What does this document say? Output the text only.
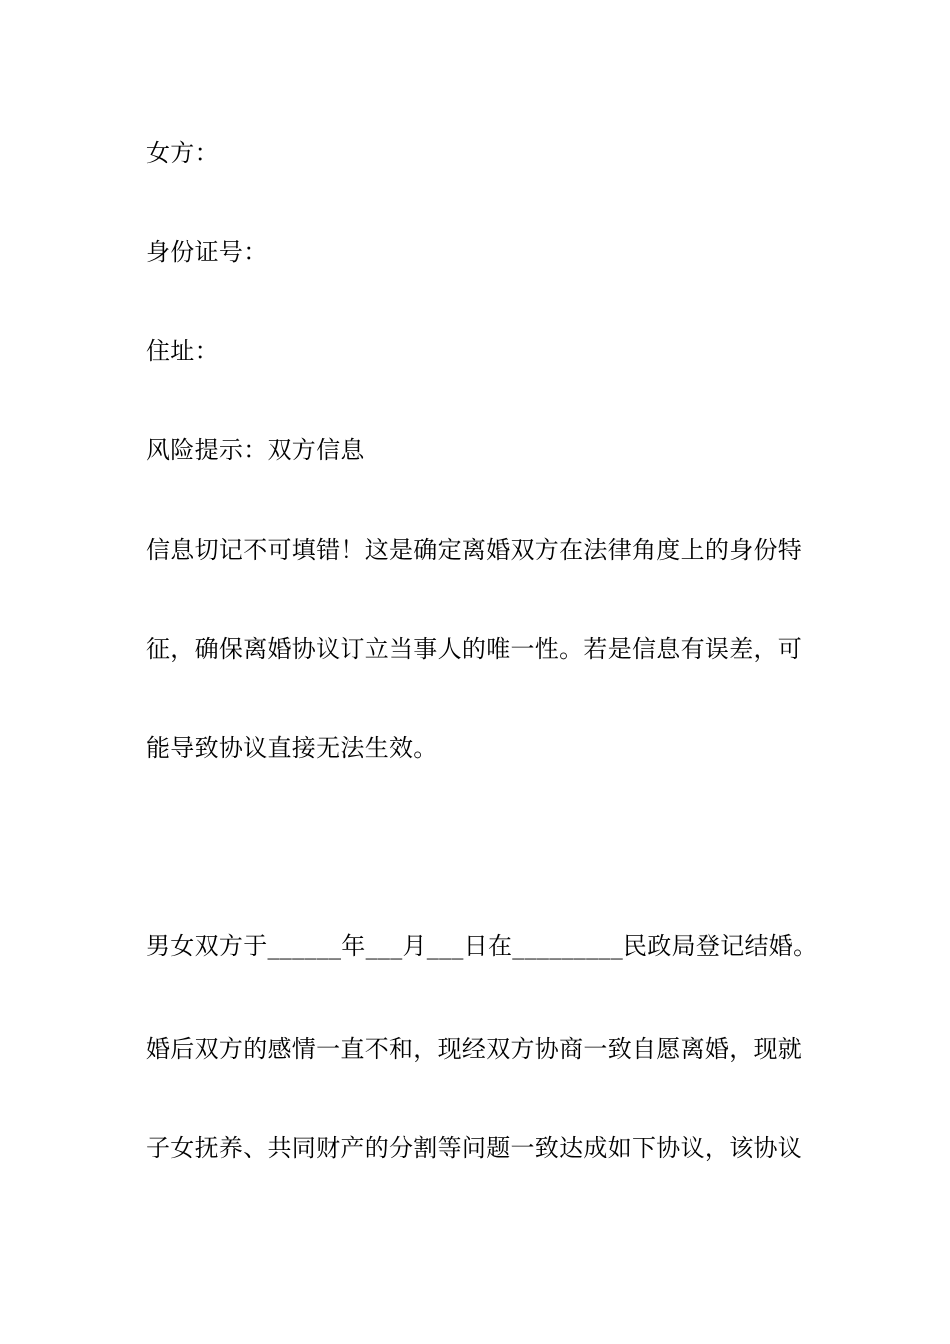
女方：
身份证号：
住址：
风险提示：双方信息
信息切记不可填错！这是确定离婚双方在法律角度上的身份特
征，确保离婚协议订立当事人的唯一性。若是信息有误差，可
能导致协议直接无法生效。
男女双方于______年___月___日在_________民政局登记结婚。
婚后双方的感情一直不和，现经双方协商一致自愿离婚，现就
子女抚养、共同财产的分割等问题一致达成如下协议，该协议
